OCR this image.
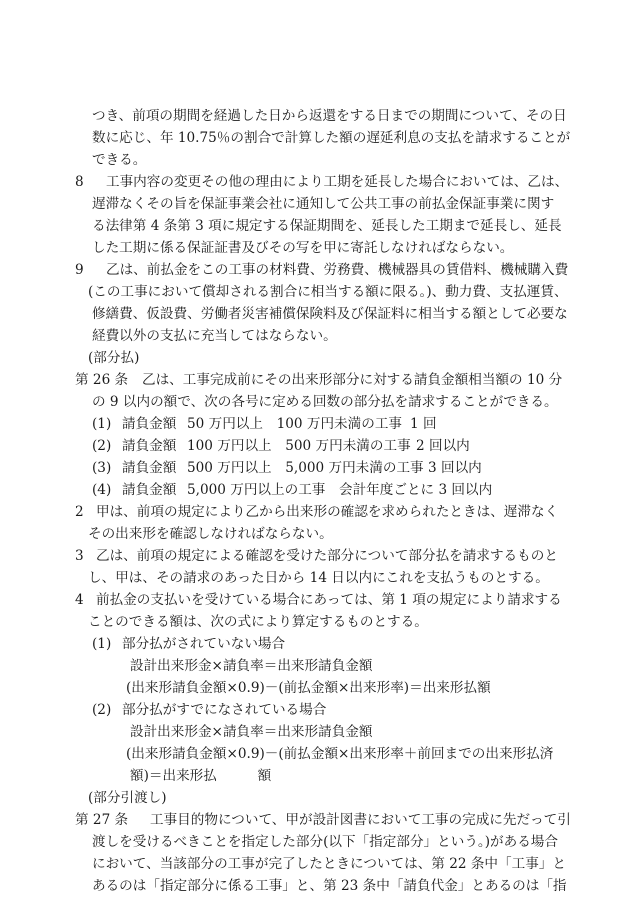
つき、前項の期間を経過した日から返還をする日までの期間について、その日
数に応じ、年 10.75％の割合で計算した額の遅延利息の支払を請求することが
できる。
8 工事内容の変更その他の理由により工期を延長した場合においては、乙は、
遅滞なくその旨を保証事業会社に通知して公共工事の前払金保証事業に関す
る法律第 4 条第 3 項に規定する保証期間を、延長した工期まで延長し、延長
した工期に係る保証証書及びその写を甲に寄託しなければならない。
9 乙は、前払金をこの工事の材料費、労務費、機械器具の賃借料、機械購入費
(この工事において償却される割合に相当する額に限る。)、動力費、支払運賃、
修繕費、仮設費、労働者災害補償保険料及び保証料に相当する額として必要な
経費以外の支払に充当してはならない。
(部分払)
第 26 条 乙は、工事完成前にその出来形部分に対する請負金額相当額の 10 分
の 9 以内の額で、次の各号に定める回数の部分払を請求することができる。
(1) 請負金額 50 万円以上　100 万円未満の工事 1 回
(2) 請負金額 100 万円以上　500 万円未満の工事 2 回以内
(3) 請負金額 500 万円以上　5,000 万円未満の工事 3 回以内
(4) 請負金額 5,000 万円以上の工事　会計年度ごとに 3 回以内
2 甲は、前項の規定により乙から出来形の確認を求められたときは、遅滞なく
その出来形を確認しなければならない。
3 乙は、前項の規定による確認を受けた部分について部分払を請求するものと
し、甲は、その請求のあった日から 14 日以内にこれを支払うものとする。
4 前払金の支払いを受けている場合にあっては、第 1 項の規定により請求する
ことのできる額は、次の式により算定するものとする。
(1) 部分払がされていない場合
設計出来形金×請負率＝出来形請負金額
(出来形請負金額×0.9)－(前払金額×出来形率)＝出来形払額
(2) 部分払がすでになされている場合
設計出来形金×請負率＝出来形請負金額
(出来形請負金額×0.9)－(前払金額×出来形率＋前回までの出来形払済
額)＝出来形払　　　額
(部分引渡し)
第 27 条 工事目的物について、甲が設計図書において工事の完成に先だって引
渡しを受けるべきことを指定した部分(以下「指定部分」という。)がある場合
において、当該部分の工事が完了したときについては、第 22 条中「工事」と
あるのは「指定部分に係る工事」と、第 23 条中「請負代金」とあるのは「指
